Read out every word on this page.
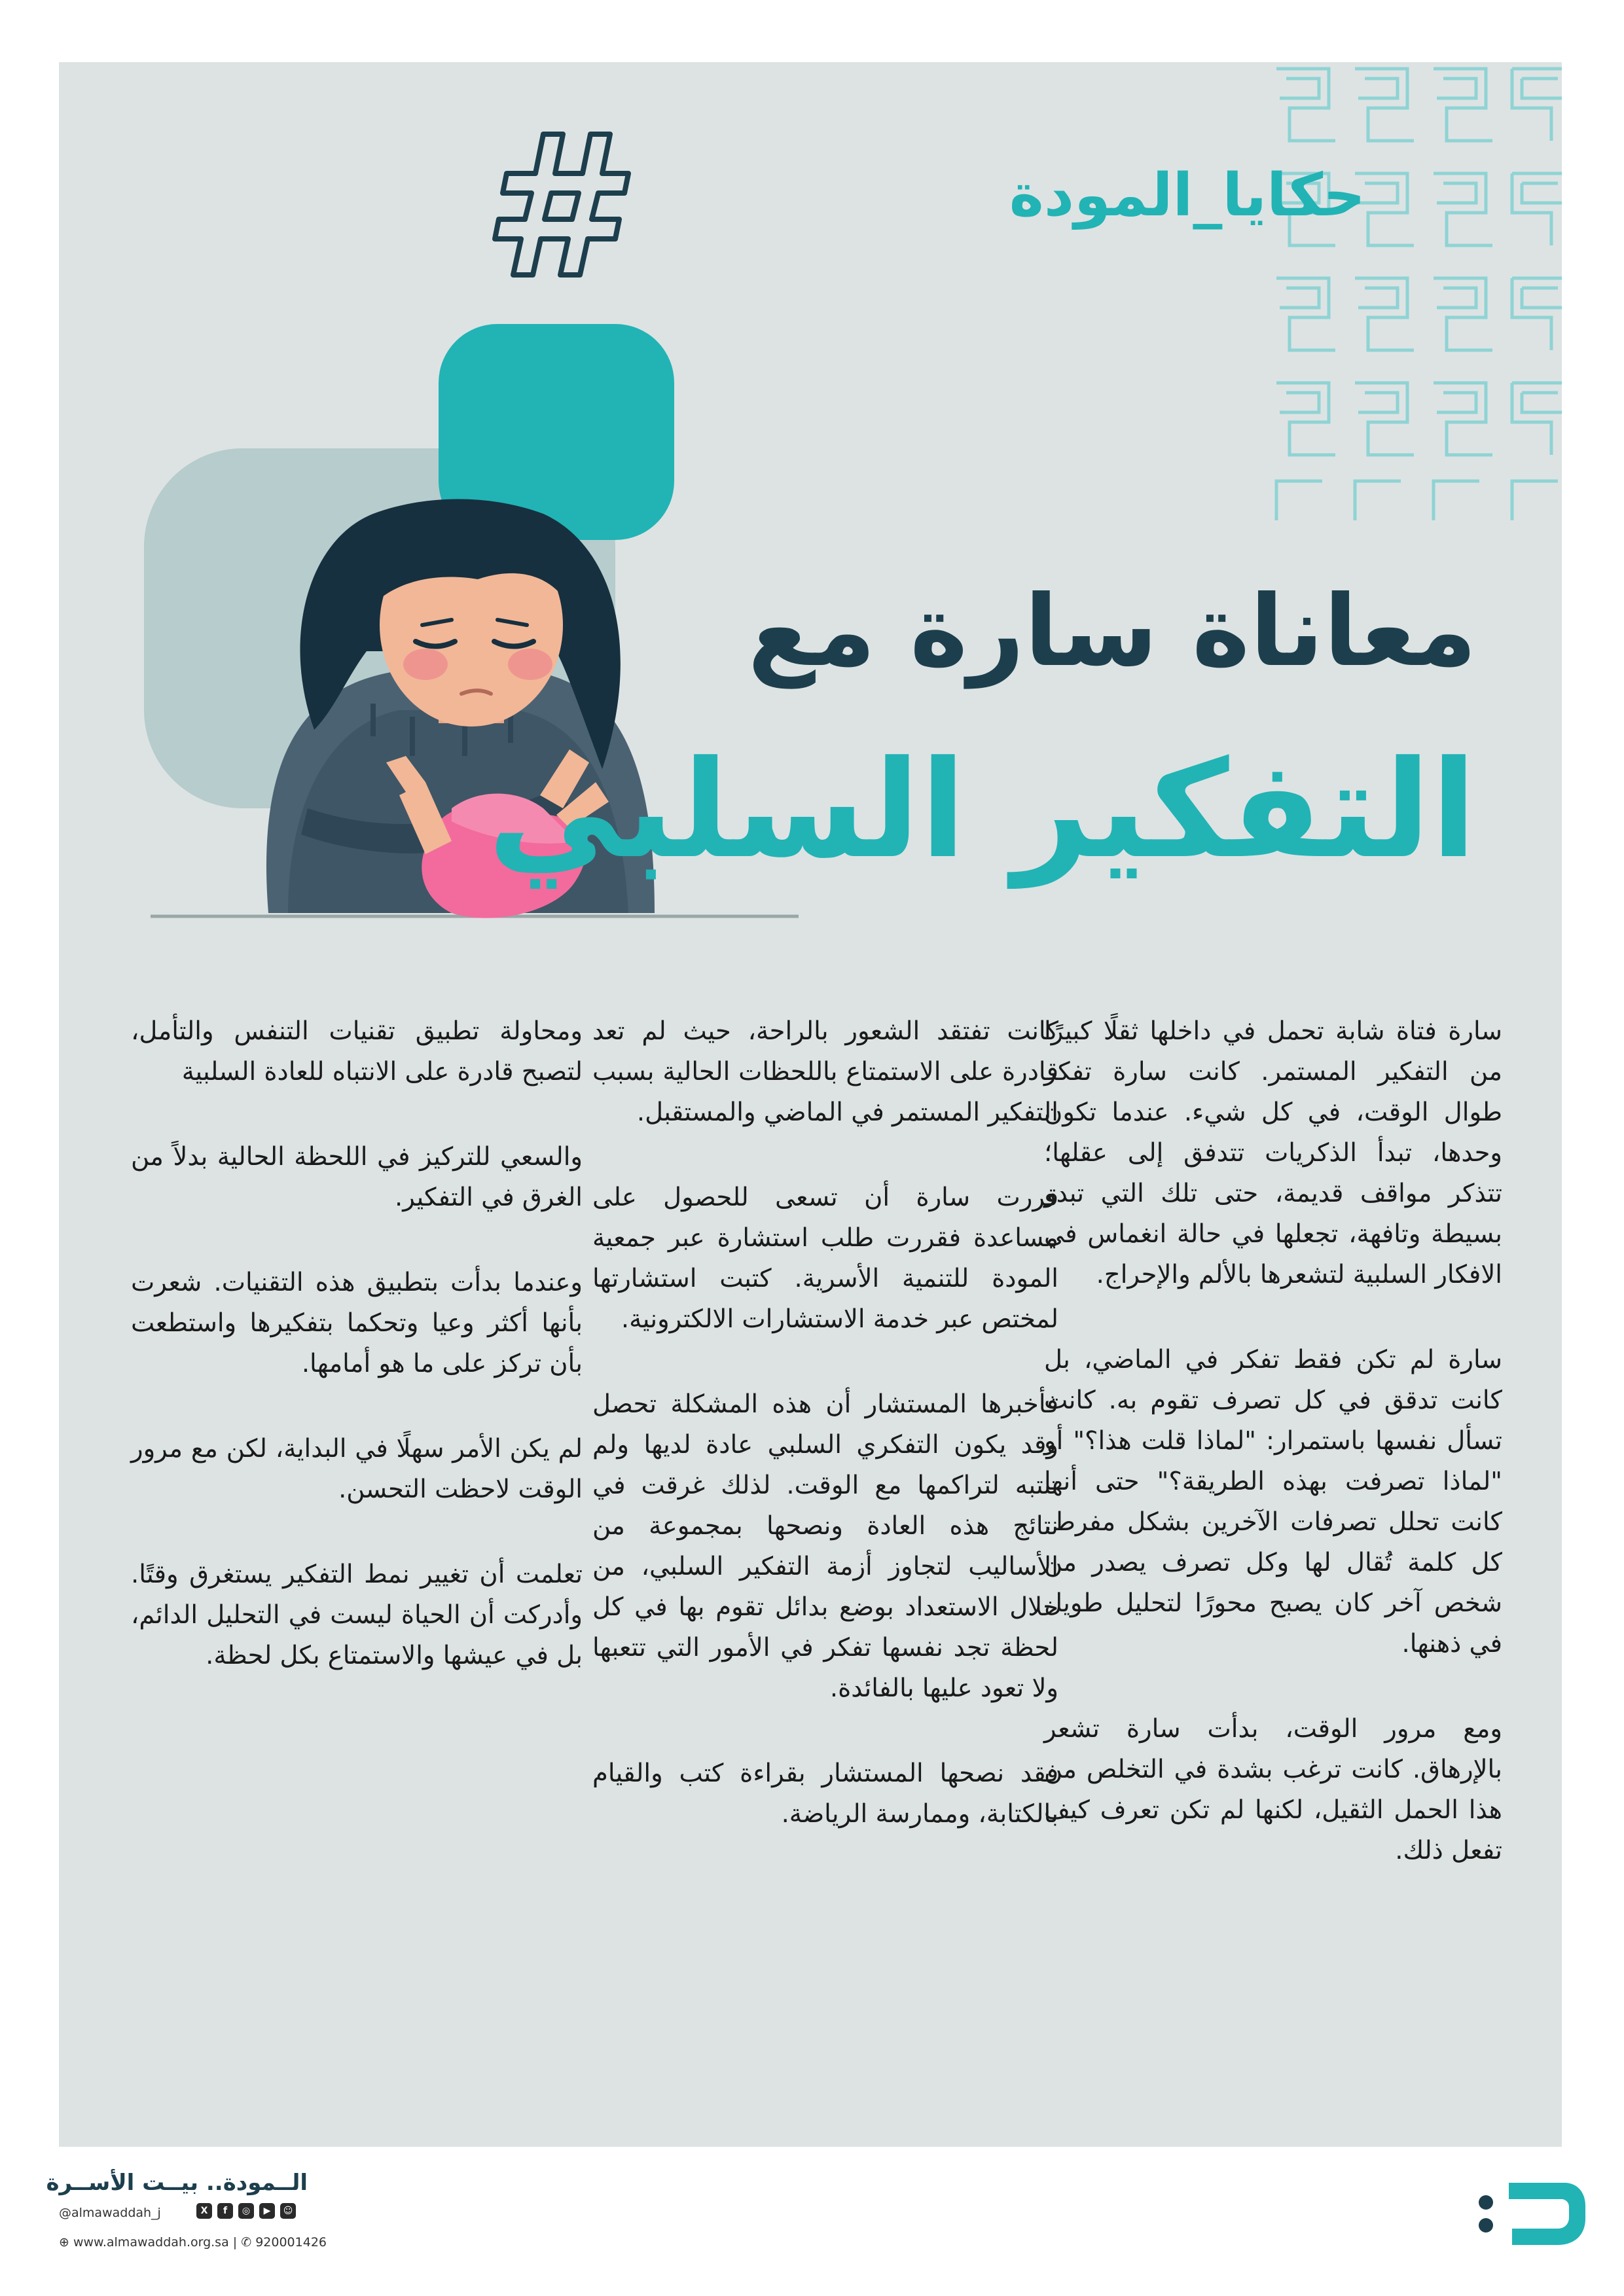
حكايا_المودة
معاناة سارة مع
التفكير السلبي

سارة فتاة شابة تحمل في داخلها ثقلًا كبيرًا من التفكير المستمر. كانت سارة تفكر طوال الوقت، في كل شيء. عندما تكون وحدها، تبدأ الذكريات تتدفق إلى عقلها؛ تتذكر مواقف قديمة، حتى تلك التي تبدو بسيطة وتافهة، تجعلها في حالة انغماس في الافكار السلبية لتشعرها بالألم والإحراج.

سارة لم تكن فقط تفكر في الماضي، بل كانت تدقق في كل تصرف تقوم به. كانت تسأل نفسها باستمرار: "لماذا قلت هذا؟" أو "لماذا تصرفت بهذه الطريقة؟" حتى أنها كانت تحلل تصرفات الآخرين بشكل مفرط. كل كلمة تُقال لها وكل تصرف يصدر من شخص آخر كان يصبح محورًا لتحليل طويل في ذهنها.

ومع مرور الوقت، بدأت سارة تشعر بالإرهاق. كانت ترغب بشدة في التخلص من هذا الحمل الثقيل، لكنها لم تكن تعرف كيف تفعل ذلك.

كانت تفتقد الشعور بالراحة، حيث لم تعد قادرة على الاستمتاع باللحظات الحالية بسبب التفكير المستمر في الماضي والمستقبل.

قررت سارة أن تسعى للحصول على مساعدة فقررت طلب استشارة عبر جمعية المودة للتنمية الأسرية. كتبت استشارتها لمختص عبر خدمة الاستشارات الالكترونية.

فأخبرها المستشار أن هذه المشكلة تحصل وقد يكون التفكري السلبي عادة لديها ولم تنتبه لتراكمها مع الوقت. لذلك غرقت في نتائج هذه العادة ونصحها بمجموعة من الأساليب لتجاوز أزمة التفكير السلبي، من خلال الاستعداد بوضع بدائل تقوم بها في كل لحظة تجد نفسها تفكر في الأمور التي تتعبها ولا تعود عليها بالفائدة.

فقد نصحها المستشار بقراءة كتب والقيام بالكتابة، وممارسة الرياضة.

ومحاولة تطبيق تقنيات التنفس والتأمل، لتصبح قادرة على الانتباه للعادة السلبية

والسعي للتركيز في اللحظة الحالية بدلاً من الغرق في التفكير.

وعندما بدأت بتطبيق هذه التقنيات. شعرت بأنها أكثر وعيا وتحكما بتفكيرها واستطعت بأن تركز على ما هو أمامها.

لم يكن الأمر سهلًا في البداية، لكن مع مرور الوقت لاحظت التحسن.

تعلمت أن تغيير نمط التفكير يستغرق وقتًا. وأدركت أن الحياة ليست في التحليل الدائم، بل في عيشها والاستمتاع بكل لحظة.

الــمودة.. بيــت الأســرة
@almawaddah_j	X	f	◎	▶	☺
⊕ www.almawaddah.org.sa | ✆ 920001426
